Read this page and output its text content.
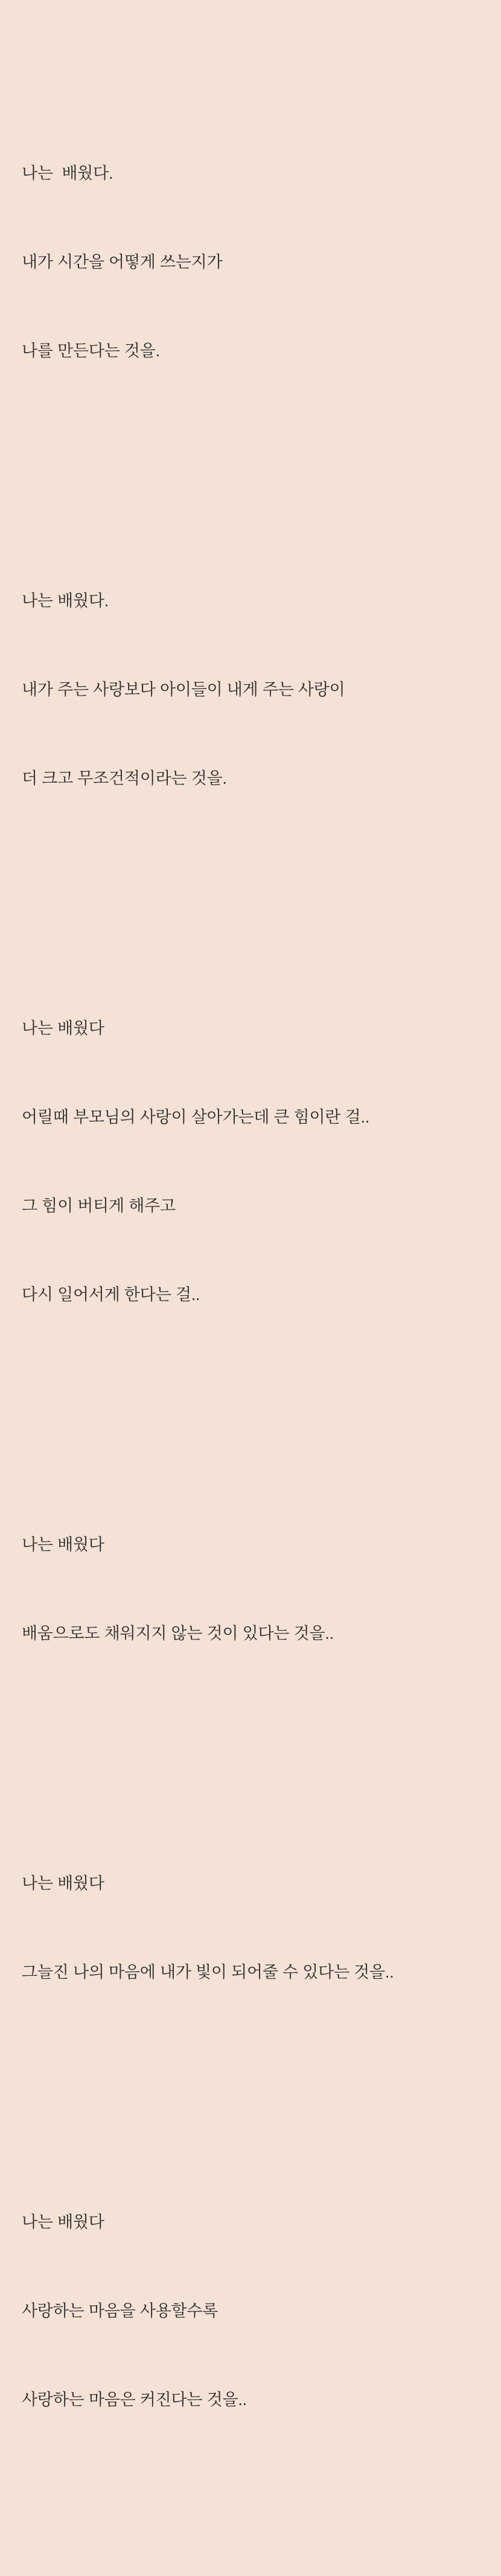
나는  배웠다.

내가 시간을 어떻게 쓰는지가

나를 만든다는 것을.

나는 배웠다.

내가 주는 사랑보다 아이들이 내게 주는 사랑이

더 크고 무조건적이라는 것을.

나는 배웠다

어릴때 부모님의 사랑이 살아가는데 큰 힘이란 걸..

그 힘이 버티게 해주고

다시 일어서게 한다는 걸..

나는 배웠다

배움으로도 채워지지 않는 것이 있다는 것을..

나는 배웠다

그늘진 나의 마음에 내가 빛이 되어줄 수 있다는 것을..

나는 배웠다

사랑하는 마음을 사용할수록

사랑하는 마음은 커진다는 것을..
